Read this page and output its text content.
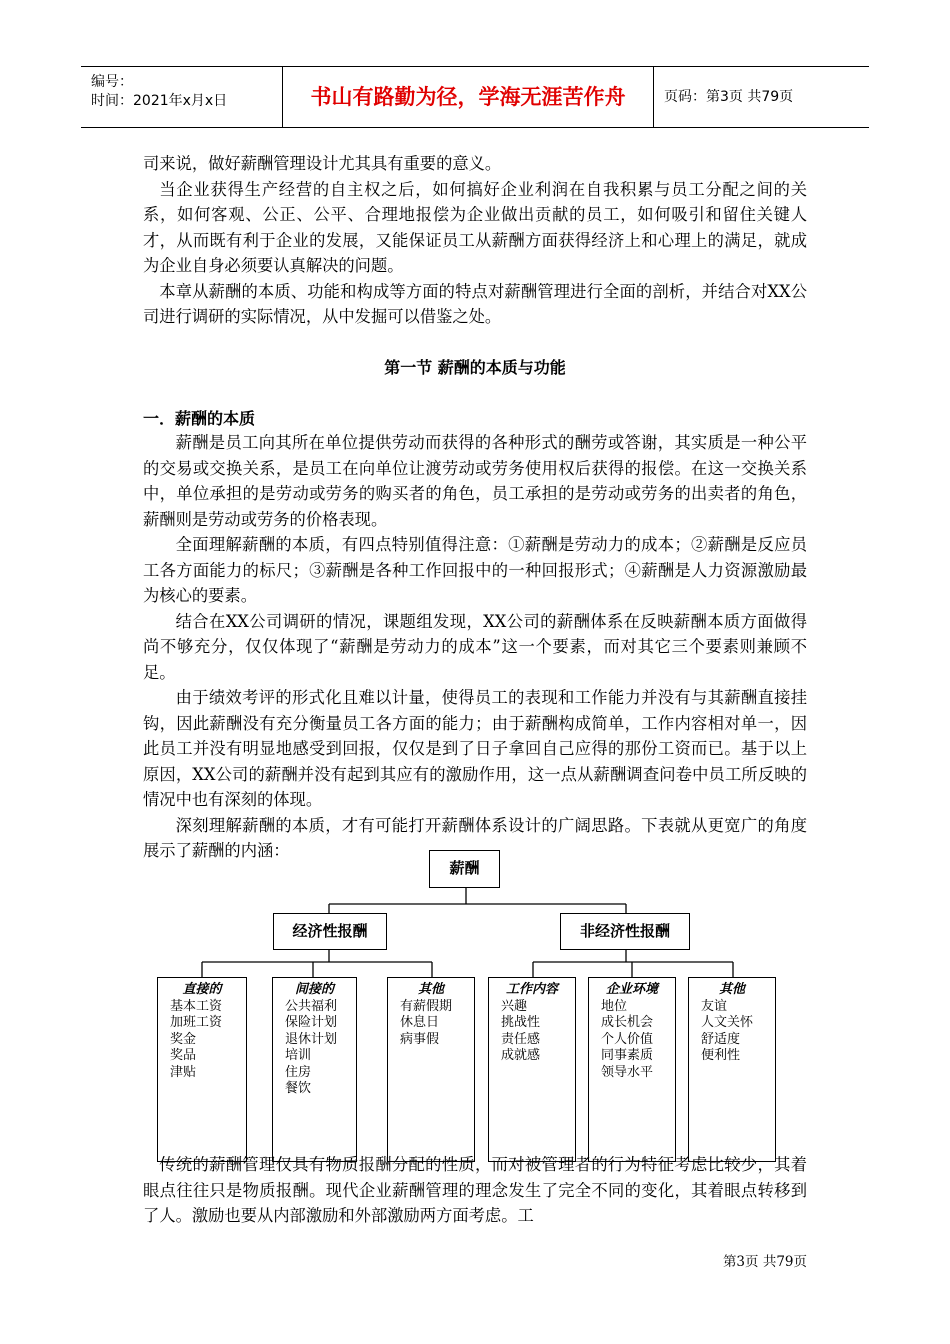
编号：
时间：2021年x月x日	书山有路勤为径，学海无涯苦作舟	页码：第3页 共79页

司来说，做好薪酬管理设计尤其具有重要的意义。

当企业获得生产经营的自主权之后，如何搞好企业利润在自我积累与员工分配之间的关系，如何客观、公正、公平、合理地报偿为企业做出贡献的员工，如何吸引和留住关键人才，从而既有利于企业的发展，又能保证员工从薪酬方面获得经济上和心理上的满足，就成为企业自身必须要认真解决的问题。

本章从薪酬的本质、功能和构成等方面的特点对薪酬管理进行全面的剖析，并结合对XX公司进行调研的实际情况，从中发掘可以借鉴之处。

第一节 薪酬的本质与功能
一．薪酬的本质

薪酬是员工向其所在单位提供劳动而获得的各种形式的酬劳或答谢，其实质是一种公平的交易或交换关系，是员工在向单位让渡劳动或劳务使用权后获得的报偿。在这一交换关系中，单位承担的是劳动或劳务的购买者的角色，员工承担的是劳动或劳务的出卖者的角色，薪酬则是劳动或劳务的价格表现。

全面理解薪酬的本质，有四点特别值得注意：①薪酬是劳动力的成本；②薪酬是反应员工各方面能力的标尺；③薪酬是各种工作回报中的一种回报形式；④薪酬是人力资源激励最为核心的要素。

结合在XX公司调研的情况，课题组发现，XX公司的薪酬体系在反映薪酬本质方面做得尚不够充分，仅仅体现了“薪酬是劳动力的成本”这一个要素，而对其它三个要素则兼顾不足。

由于绩效考评的形式化且难以计量，使得员工的表现和工作能力并没有与其薪酬直接挂钩，因此薪酬没有充分衡量员工各方面的能力；由于薪酬构成简单，工作内容相对单一，因此员工并没有明显地感受到回报，仅仅是到了日子拿回自己应得的那份工资而已。基于以上原因，XX公司的薪酬并没有起到其应有的激励作用，这一点从薪酬调查问卷中员工所反映的情况中也有深刻的体现。

深刻理解薪酬的本质，才有可能打开薪酬体系设计的广阔思路。下表就从更宽广的角度展示了薪酬的内涵：

传统的薪酬管理仅具有物质报酬分配的性质，而对被管理者的行为特征考虑比较少，其着眼点往往只是物质报酬。现代企业薪酬管理的理念发生了完全不同的变化，其着眼点转移到了人。激励也要从内部激励和外部激励两方面考虑。工

薪酬
经济性报酬	非经济性报酬
直接的
基本工资
加班工资
奖金
奖品
津贴
间接的
公共福利
保险计划
退休计划
培训
住房
餐饮
其他
有薪假期
休息日
病事假
工作内容
兴趣
挑战性
责任感
成就感
企业环境
地位
成长机会
个人价值
同事素质
领导水平
其他
友谊
人文关怀
舒适度
便利性
第3页 共79页
